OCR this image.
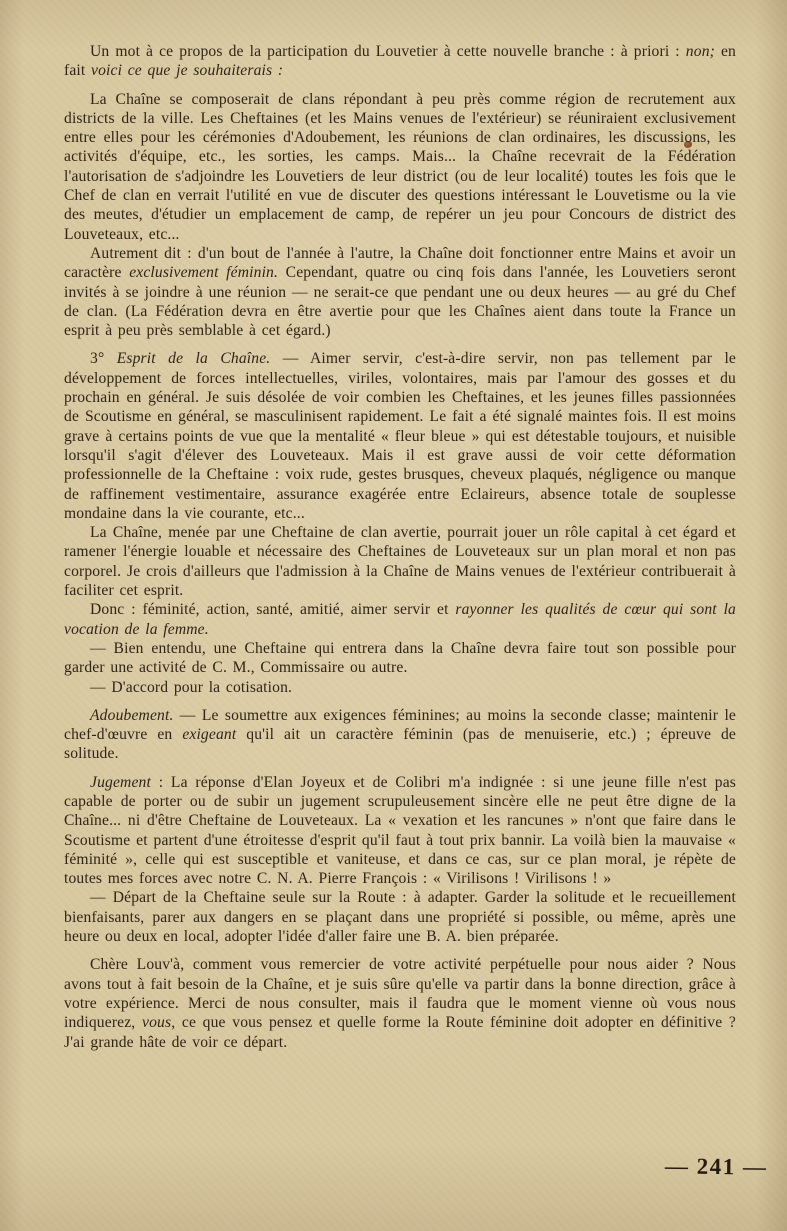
Un mot à ce propos de la participation du Louvetier à cette nouvelle branche : à priori : non; en fait voici ce que je souhaiterais :

La Chaîne se composerait de clans répondant à peu près comme région de recrutement aux districts de la ville. Les Cheftaines (et les Mains venues de l'extérieur) se réuniraient exclusivement entre elles pour les cérémonies d'Adoubement, les réunions de clan ordinaires, les discussions, les activités d'équipe, etc., les sorties, les camps. Mais... la Chaîne recevrait de la Fédération l'autorisation de s'adjoindre les Louvetiers de leur district (ou de leur localité) toutes les fois que le Chef de clan en verrait l'utilité en vue de discuter des questions intéressant le Louvetisme ou la vie des meutes, d'étudier un emplacement de camp, de repérer un jeu pour Concours de district des Louveteaux, etc...

Autrement dit : d'un bout de l'année à l'autre, la Chaîne doit fonctionner entre Mains et avoir un caractère exclusivement féminin. Cependant, quatre ou cinq fois dans l'année, les Louvetiers seront invités à se joindre à une réunion — ne serait-ce que pendant une ou deux heures — au gré du Chef de clan. (La Fédération devra en être avertie pour que les Chaînes aient dans toute la France un esprit à peu près semblable à cet égard.)

3° Esprit de la Chaîne. — Aimer servir, c'est-à-dire servir, non pas tellement par le développement de forces intellectuelles, viriles, volontaires, mais par l'amour des gosses et du prochain en général. Je suis désolée de voir combien les Cheftaines, et les jeunes filles passionnées de Scoutisme en général, se masculinisent rapidement. Le fait a été signalé maintes fois. Il est moins grave à certains points de vue que la mentalité « fleur bleue » qui est détestable toujours, et nuisible lorsqu'il s'agit d'élever des Louveteaux. Mais il est grave aussi de voir cette déformation professionnelle de la Cheftaine : voix rude, gestes brusques, cheveux plaqués, négligence ou manque de raffinement vestimentaire, assurance exagérée entre Eclaireurs, absence totale de souplesse mondaine dans la vie courante, etc...

La Chaîne, menée par une Cheftaine de clan avertie, pourrait jouer un rôle capital à cet égard et ramener l'énergie louable et nécessaire des Cheftaines de Louveteaux sur un plan moral et non pas corporel. Je crois d'ailleurs que l'admission à la Chaîne de Mains venues de l'extérieur contribuerait à faciliter cet esprit.

Donc : féminité, action, santé, amitié, aimer servir et rayonner les qualités de cœur qui sont la vocation de la femme.

— Bien entendu, une Cheftaine qui entrera dans la Chaîne devra faire tout son possible pour garder une activité de C. M., Commissaire ou autre.

— D'accord pour la cotisation.

Adoubement. — Le soumettre aux exigences féminines; au moins la seconde classe; maintenir le chef-d'œuvre en exigeant qu'il ait un caractère féminin (pas de menuiserie, etc.) ; épreuve de solitude.

Jugement : La réponse d'Elan Joyeux et de Colibri m'a indignée : si une jeune fille n'est pas capable de porter ou de subir un jugement scrupuleusement sincère elle ne peut être digne de la Chaîne... ni d'être Cheftaine de Louveteaux. La « vexation et les rancunes » n'ont que faire dans le Scoutisme et partent d'une étroitesse d'esprit qu'il faut à tout prix bannir. La voilà bien la mauvaise « féminité », celle qui est susceptible et vaniteuse, et dans ce cas, sur ce plan moral, je répète de toutes mes forces avec notre C. N. A. Pierre François : « Virilisons ! Virilisons ! »

— Départ de la Cheftaine seule sur la Route : à adapter. Garder la solitude et le recueillement bienfaisants, parer aux dangers en se plaçant dans une propriété si possible, ou même, après une heure ou deux en local, adopter l'idée d'aller faire une B. A. bien préparée.

Chère Louv'à, comment vous remercier de votre activité perpétuelle pour nous aider ? Nous avons tout à fait besoin de la Chaîne, et je suis sûre qu'elle va partir dans la bonne direction, grâce à votre expérience. Merci de nous consulter, mais il faudra que le moment vienne où vous nous indiquerez, vous, ce que vous pensez et quelle forme la Route féminine doit adopter en définitive ? J'ai grande hâte de voir ce départ.

— 241 —
